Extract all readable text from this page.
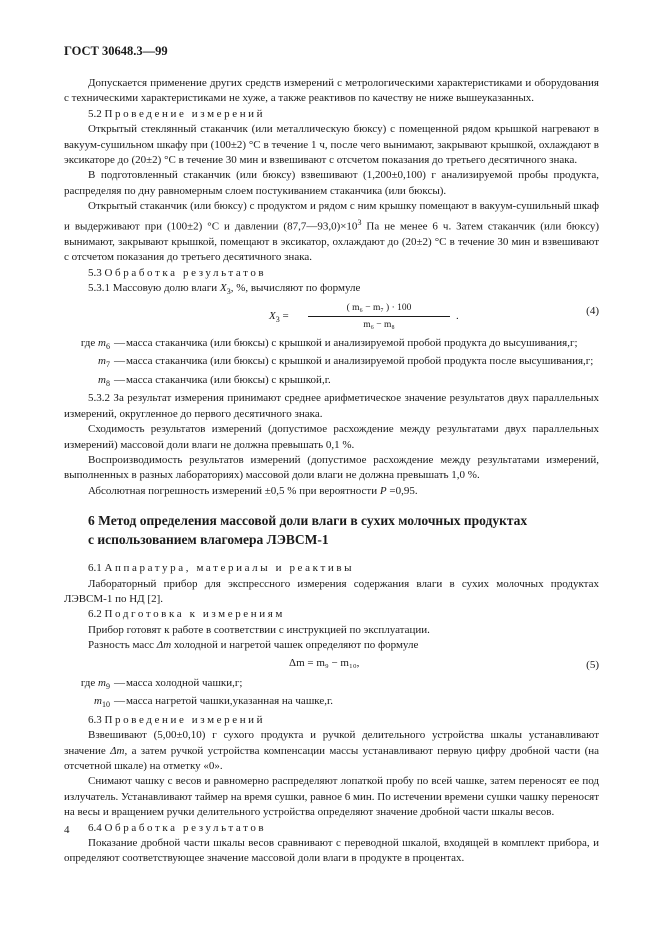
ГОСТ 30648.3—99

Допускается применение других средств измерений с метрологическими характеристиками и оборудования с техническими характеристиками не хуже, а также реактивов по качеству не ниже вышеуказанных.

5.2 Проведение измерений

Открытый стеклянный стаканчик (или металлическую бюксу) с помещенной рядом крышкой нагревают в вакуум-сушильном шкафу при (100±2) °С в течение 1 ч, после чего вынимают, закрывают крышкой, охлаждают в эксикаторе до (20±2) °С в течение 30 мин и взвешивают с отсчетом показания до третьего десятичного знака.

В подготовленный стаканчик (или бюксу) взвешивают (1,200±0,100) г анализируемой пробы продукта, распределяя по дну равномерным слоем постукиванием стаканчика (или бюксы).

Открытый стаканчик (или бюксу) с продуктом и рядом с ним крышку помещают в вакуум-сушильный шкаф и выдерживают при (100±2) °С и давлении $(87,7—93,0)\times 10^3$ Па не менее 6 ч. Затем стаканчик (или бюксу) вынимают, закрывают крышкой, помещают в эксикатор, охлаждают до (20±2) °С в течение 30 мин и взвешивают с отсчетом показания до третьего десятичного знака.

5.3 Обработка результатов

5.3.1 Массовую долю влаги $X_3$, %, вычисляют по формуле

$X_3$ =
( m₆ − m₇ ) · 100
m₆ − m₈
.	(4)
где $m_6$ — масса стаканчика (или бюксы) с крышкой и анализируемой пробой продукта до высушивания,г;
$m_7$ — масса стаканчика (или бюксы) с крышкой и анализируемой пробой продукта после высушивания,г;
$m_8$ — масса стаканчика (или бюксы) с крышкой,г.

5.3.2 За результат измерения принимают среднее арифметическое значение результатов двух параллельных измерений, округленное до первого десятичного знака.

Сходимость результатов измерений (допустимое расхождение между результатами двух параллельных измерений) массовой доли влаги не должна превышать 0,1 %.

Воспроизводимость результатов измерений (допустимое расхождение между результатами измерений, выполненных в разных лабораториях) массовой доли влаги не должна превышать 1,0 %.

Абсолютная погрешность измерений ±0,5 % при вероятности P =0,95.

6 Метод определения массовой доли влаги в сухих молочных продуктах
с использованием влагомера ЛЭВСМ-1

6.1 Аппаратура, материалы и реактивы

Лабораторный прибор для экспрессного измерения содержания влаги в сухих молочных продуктах ЛЭВСМ-1 по НД [2].

6.2 Подготовка к измерениям

Прибор готовят к работе в соответствии с инструкцией по эксплуатации.

Разность масс Δm холодной и нагретой чашек определяют по формуле

Δm = m₉ − m₁₀,	(5)
где $m_9$ — масса холодной чашки,г;
$m_{10}$ — масса нагретой чашки,указанная на чашке,г.

6.3 Проведение измерений

Взвешивают (5,00±0,10) г сухого продукта и ручкой делительного устройства шкалы устанавливают значение Δm, а затем ручкой устройства компенсации массы устанавливают первую цифру дробной части (на отсчетной шкале) на отметку «0».

Снимают чашку с весов и равномерно распределяют лопаткой пробу по всей чашке, затем переносят ее под излучатель. Устанавливают таймер на время сушки, равное 6 мин. По истечении времени сушки чашку переносят на весы и вращением ручки делительного устройства определяют значение дробной части шкалы весов.

6.4 Обработка результатов

Показание дробной части шкалы весов сравнивают с переводной шкалой, входящей в комплект прибора, и определяют соответствующее значение массовой доли влаги в продукте в процентах.

4
